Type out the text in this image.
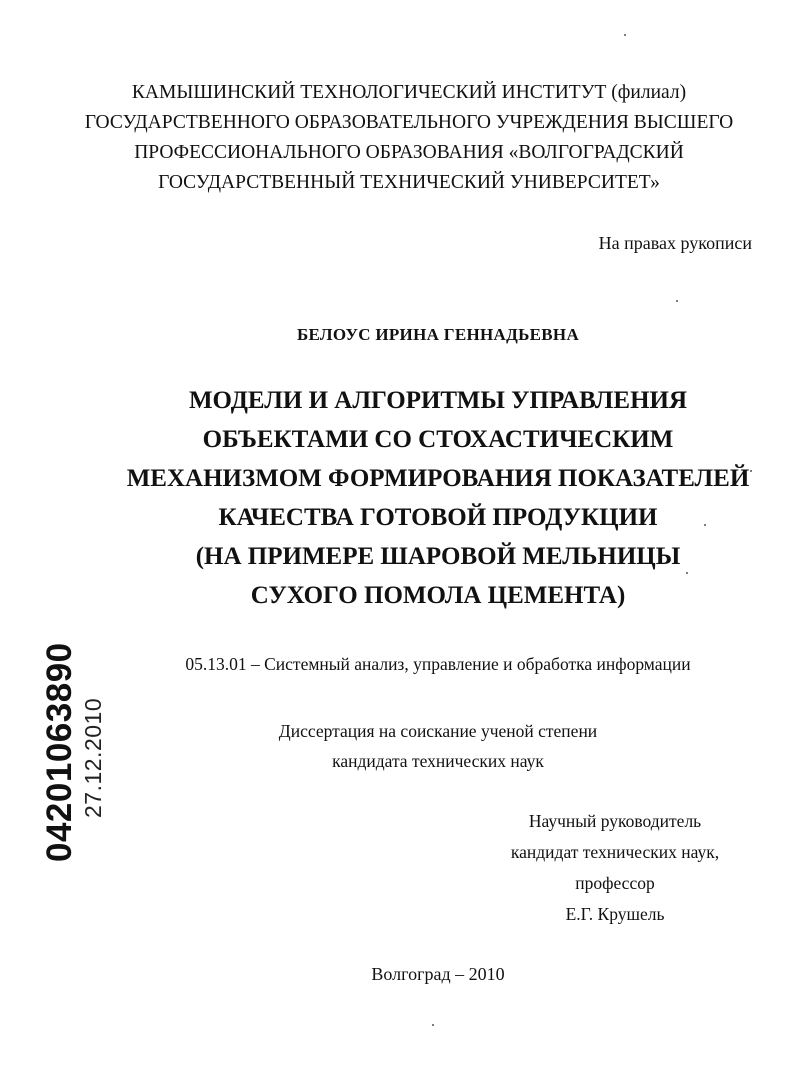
КАМЫШИНСКИЙ ТЕХНОЛОГИЧЕСКИЙ ИНСТИТУТ (филиал)
ГОСУДАРСТВЕННОГО ОБРАЗОВАТЕЛЬНОГО УЧРЕЖДЕНИЯ ВЫСШЕГО
ПРОФЕССИОНАЛЬНОГО ОБРАЗОВАНИЯ «ВОЛГОГРАДСКИЙ
ГОСУДАРСТВЕННЫЙ ТЕХНИЧЕСКИЙ УНИВЕРСИТЕТ»
На правах рукописи
БЕЛОУС ИРИНА ГЕННАДЬЕВНА
МОДЕЛИ И АЛГОРИТМЫ УПРАВЛЕНИЯ
ОБЪЕКТАМИ СО СТОХАСТИЧЕСКИМ
МЕХАНИЗМОМ ФОРМИРОВАНИЯ ПОКАЗАТЕЛЕЙ
КАЧЕСТВА ГОТОВОЙ ПРОДУКЦИИ
(НА ПРИМЕРЕ ШАРОВОЙ МЕЛЬНИЦЫ
СУХОГО ПОМОЛА ЦЕМЕНТА)
05.13.01 – Системный анализ, управление и обработка информации
Диссертация на соискание ученой степени
кандидата технических наук
Научный руководитель
кандидат технических наук,
профессор
Е.Г. Крушель
Волгоград – 2010
04201063890 27.12.2010
